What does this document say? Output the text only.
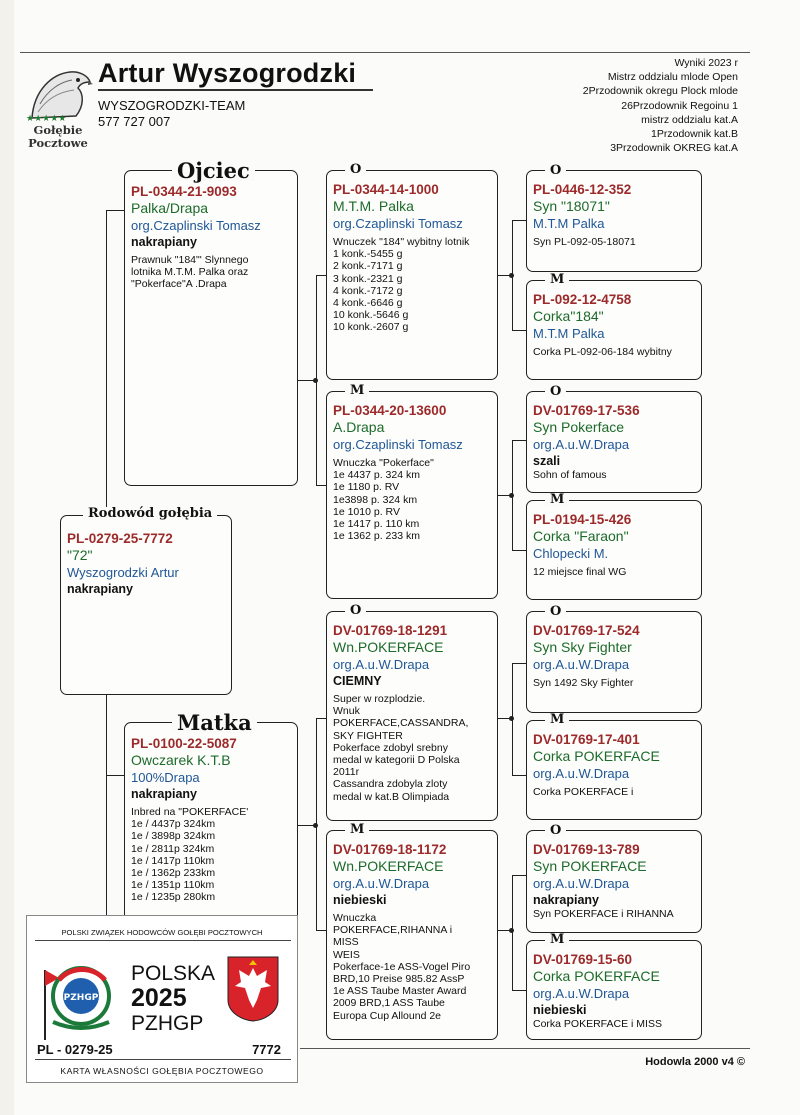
★★★★★
Gołębie
Pocztowe
Artur Wyszogrodzki
WYSZOGRODZKI-TEAM
577 727 007
Wyniki 2023 r
Mistrz oddzialu mlode Open
2Przodownik okregu Plock mlode
26Przodownik Regoinu 1
mistrz oddzialu kat.A
1Przodownik kat.B
3Przodownik OKREG kat.A
PL-0279-25-7772
"72"
Wyszogrodzki Artur
nakrapiany
Rodowód gołębia
PL-0344-21-9093
Palka/Drapa
org.Czaplinski Tomasz
nakrapiany
Prawnuk "184"' Slynnego
lotnika M.T.M. Palka oraz
"Pokerface"A .Drapa
Ojciec
PL-0100-22-5087
Owczarek K.T.B
100%Drapa
nakrapiany
Inbred na "POKERFACE'
1e / 4437p 324km
1e / 3898p 324km
1e / 2811p 324km
1e / 1417p 110km
1e / 1362p 233km
1e / 1351p 110km
1e / 1235p 280km
Matka
PL-0344-14-1000
M.T.M. Palka
org.Czaplinski Tomasz
Wnuczek "184" wybitny lotnik
1 konk.-5455 g
2 konk.-7171 g
3 konk.-2321 g
4 konk.-7172 g
4 konk.-6646 g
10 konk.-5646 g
10 konk.-2607 g
O
PL-0344-20-13600
A.Drapa
org.Czaplinski Tomasz
Wnuczka "Pokerface"
1e 4437 p. 324 km
1e 1180 p. RV
1e3898 p. 324 km
1e 1010 p. RV
1e 1417 p. 110 km
1e 1362 p. 233 km
M
DV-01769-18-1291
Wn.POKERFACE
org.A.u.W.Drapa
CIEMNY
Super w rozplodzie.
Wnuk
POKERFACE,CASSANDRA,
SKY FIGHTER
Pokerface zdobyl srebny
medal w kategorii D Polska
2011r
Cassandra zdobyla zloty
medal w kat.B Olimpiada
O
DV-01769-18-1172
Wn.POKERFACE
org.A.u.W.Drapa
niebieski
Wnuczka
POKERFACE,RIHANNA i
MISS
WEIS
Pokerface-1e ASS-Vogel Piro
BRD,10 Preise 985.82 AssP
1e ASS Taube Master Award
2009 BRD,1 ASS Taube
Europa Cup Allound 2e
M
PL-0446-12-352
Syn "18071"
M.T.M Palka
Syn PL-092-05-18071
O
PL-092-12-4758
Corka"184"
M.T.M Palka
Corka PL-092-06-184 wybitny
M
DV-01769-17-536
Syn Pokerface
org.A.u.W.Drapa
szali
Sohn of famous
O
PL-0194-15-426
Corka "Faraon"
Chlopecki M.
12 miejsce final WG
M
DV-01769-17-524
Syn Sky Fighter
org.A.u.W.Drapa
Syn 1492 Sky Fighter
O
DV-01769-17-401
Corka POKERFACE
org.A.u.W.Drapa
Corka POKERFACE i
M
DV-01769-13-789
Syn POKERFACE
org.A.u.W.Drapa
nakrapiany
Syn POKERFACE i RIHANNA
O
DV-01769-15-60
Corka POKERFACE
org.A.u.W.Drapa
niebieski
Corka POKERFACE i MISS
M
Hodowla 2000 v4 ©
POLSKI ZWIĄZEK HODOWCÓW GOŁĘBI POCZTOWYCH
PZHGP
POLSKA
2025
PZHGP
PL - 0279-25	7772
KARTA WŁASNOŚCI GOŁĘBIA POCZTOWEGO
